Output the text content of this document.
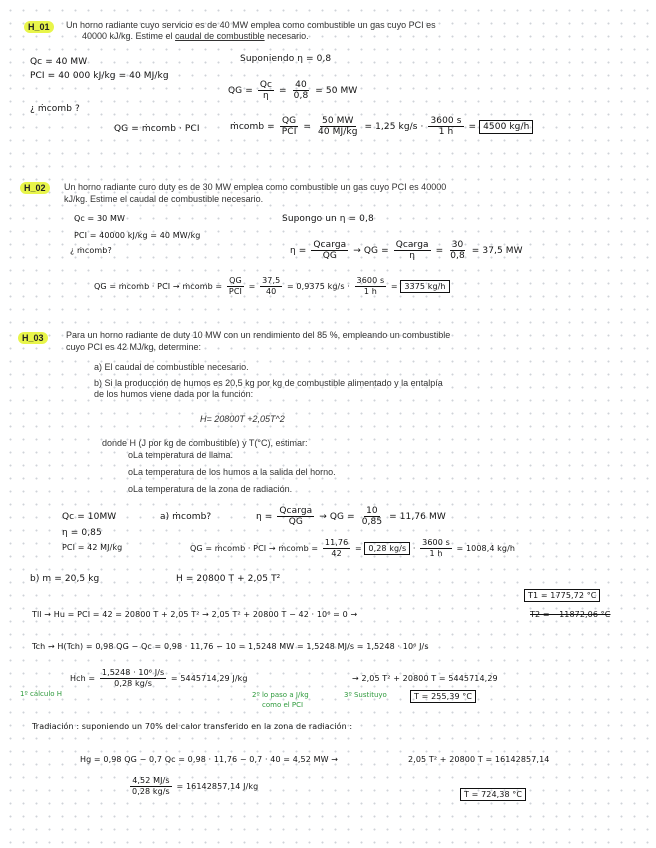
H_01	Un horno radiante cuyo servicio es de 40 MW emplea como combustible un gas cuyo PCI es
40000 kJ/kg. Estime el caudal de combustible necesario.
Qc = 40 MW
PCI = 40 000 kJ/kg = 40 MJ/kg
Suponiendo η = 0,8
QG = $\frac{Qc}{\eta} = \frac{40}{0,8} = 50$ MW
¿ ṁcomb ?
QG = ṁcomb · PCI	ṁcomb = $\frac{QG}{\text{PCI}} = \frac{50 MW}{40 MJ/kg} = 1,25$ $kg/s \cdot \frac{3600 s}{1 h} = 4500$ kg/h
H_02	Un horno radiante curo duty es de 30 MW emplea como combustible un gas cuyo PCI es 40000
kJ/kg. Estime el caudal de combustible necesario.
Qc = 30 MW
PCI = 40000 kJ/kg = 40 MW/kg
¿ ṁcomb?
Supongo un η = 0,8
$\eta = \frac{\text{Qcarga}}{QG}$ → QG = $\frac{\text{Qcarga}}{\eta} = \frac{30}{0,8} = 37,5$ MW
QG = ṁcomb · PCI → ṁcomb = $\frac{QG}{\text{PCI}} = \frac{37,5}{40} = 0,9375$ $kg/s \cdot \frac{3600 s}{1 h} = 3375$ kg/h
H_03	Para un horno radiante de duty 10 MW con un rendimiento del 85 %, empleando un combustible
cuyo PCI es 42 MJ/kg, determine:
a) El caudal de combustible necesario.
b) Si la producción de humos es 20,5 kg por kg de combustible alimentado y la entalpía
de los humos viene dada por la función:
H= 20800T +2,05T^2
donde H (J por kg de combustible) y T(°C), estimar:
oLa temperatura de llama.
oLa temperatura de los humos a la salida del horno.
oLa temperatura de la zona de radiación.
Qc = 10MW
η = 0,85
PCI = 42 MJ/kg
a) ṁcomb?	$\eta = \frac{\text{Qcarga}}{QG}$ → QG = $\frac{10}{0,85} = 11,76$ MW
QG = ṁcomb · PCI → ṁcomb = $\frac{11,76}{42} = 0,28$ $kg/s \cdot \frac{3600 s}{1 h} = 1008,4$ kg/h
b) m = 20,5 kg	H = 20800 T + 2,05 T²
T1 = 1775,72 °C
Tll → Hu = PCI = 42 = 20800 T + 2,05 T² → 2,05 T² + 20800 T − 42 · 10⁶ = 0 →	T2 = −11872,06 °C
Tch → H(Tch) = 0,98 QG − Qc = 0,98 · 11,76 − 10 = 1,5248 MW = 1,5248 MJ/s = 1,5248 · 10⁶ J/s
Hch = $\frac{\text{1,5248 · 10⁶ J/s}}{0,28 kg/s} = 5445714,29$ J/kg	→ 2,05 T² + 20800 T = 5445714,29
1º cálculo H	2º lo paso a J/kg
como el PCI
3º Sustituyo	T = 255,39 °C
Tradiación : suponiendo un 70% del calor transferido en la zona de radiación :
Hg = 0,98 QG − 0,7 Qc = 0,98 · 11,76 − 0,7 · 40 = 4,52 MW →	2,05 T² + 20800 T = 16142857,14
$\frac{4,52 MJ/s}{0,28 kg/s} = 16142857,14$ J/kg
T = 724,38 °C
